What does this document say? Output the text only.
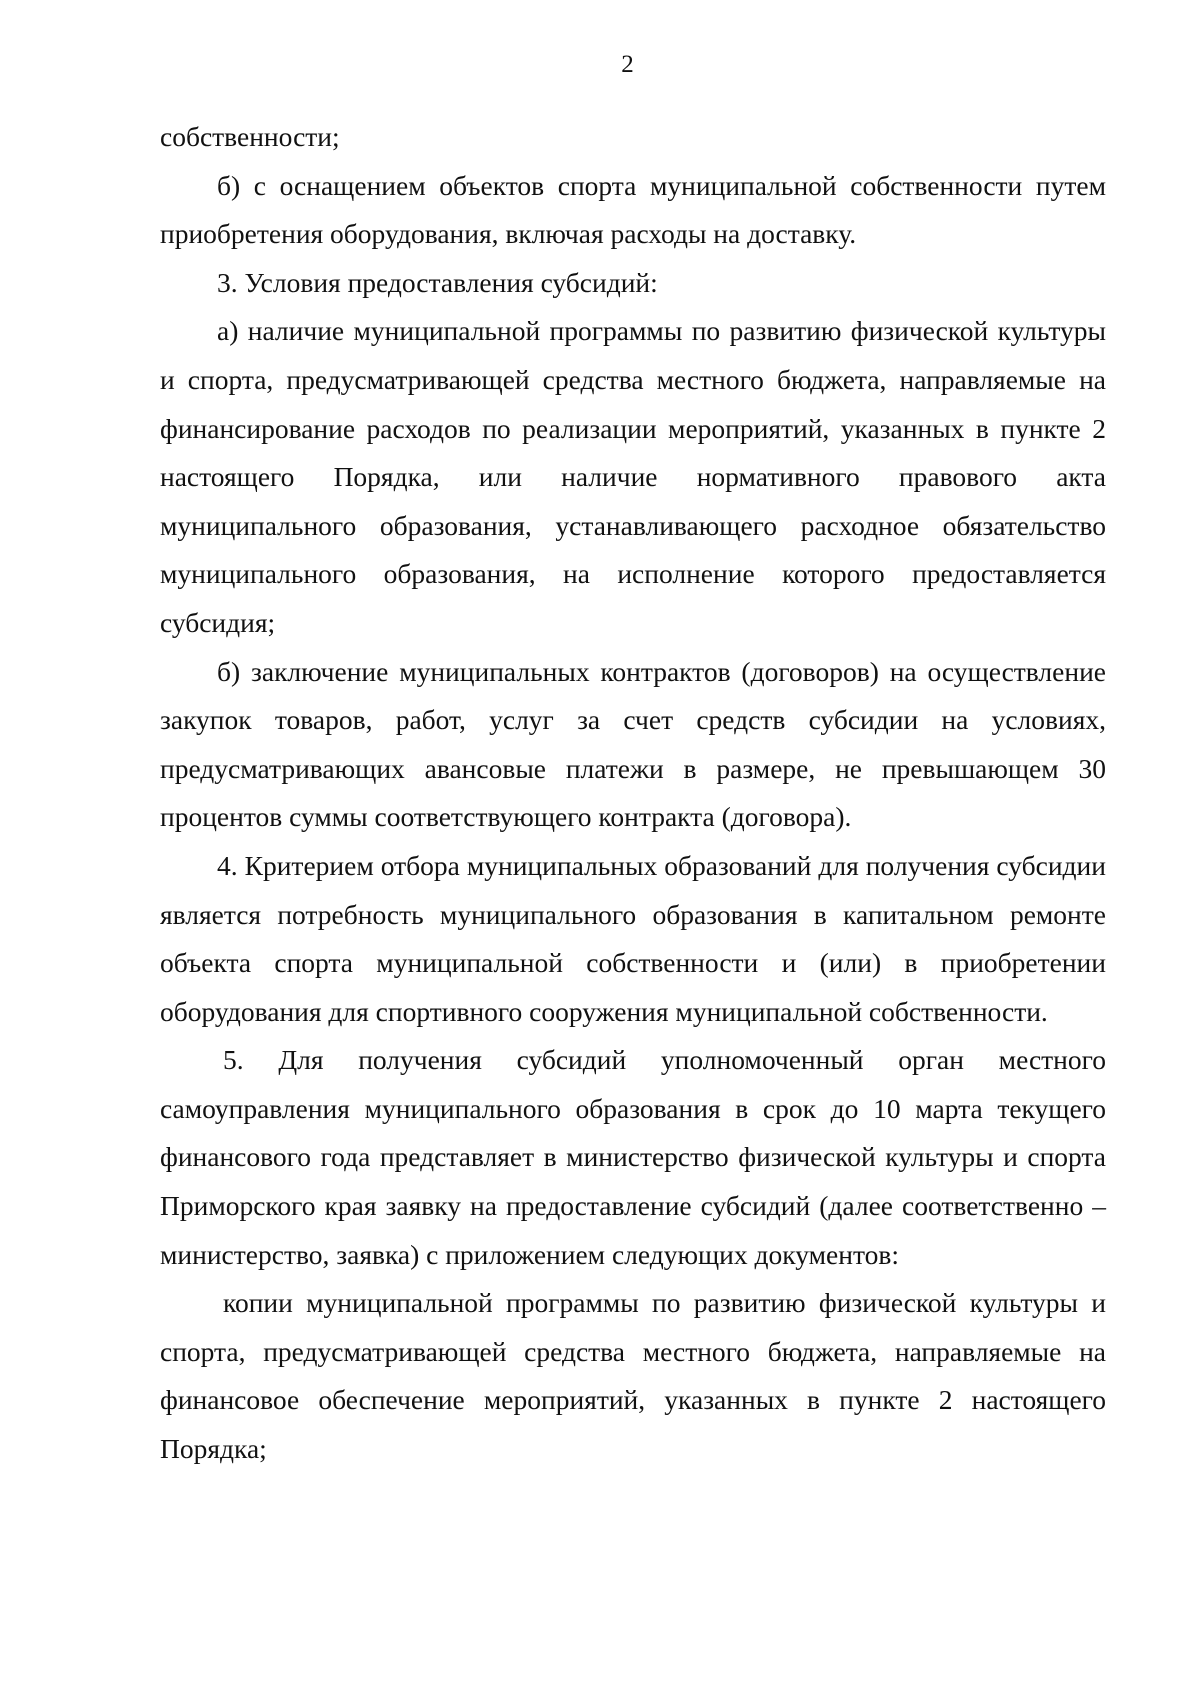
2

собственности;

б) с оснащением объектов спорта муниципальной собственности путем приобретения оборудования, включая расходы на доставку.

3. Условия предоставления субсидий:

а) наличие муниципальной программы по развитию физической культуры и спорта, предусматривающей средства местного бюджета, направляемые на финансирование расходов по реализации мероприятий, указанных в пункте 2 настоящего Порядка, или наличие нормативного правового акта муниципального образования, устанавливающего расходное обязательство муниципального образования, на исполнение которого предоставляется субсидия;

б) заключение муниципальных контрактов (договоров) на осуществление закупок товаров, работ, услуг за счет средств субсидии на условиях, предусматривающих авансовые платежи в размере, не превышающем 30 процентов суммы соответствующего контракта (договора).

4. Критерием отбора муниципальных образований для получения субсидии является потребность муниципального образования в капитальном ремонте объекта спорта муниципальной собственности и (или) в приобретении оборудования для спортивного сооружения муниципальной собственности.

5. Для получения субсидий уполномоченный орган местного самоуправления муниципального образования в срок до 10 марта текущего финансового года представляет в министерство физической культуры и спорта Приморского края заявку на предоставление субсидий (далее соответственно – министерство, заявка) с приложением следующих документов:

копии муниципальной программы по развитию физической культуры и спорта, предусматривающей средства местного бюджета, направляемые на финансовое обеспечение мероприятий, указанных в пункте 2 настоящего Порядка;
